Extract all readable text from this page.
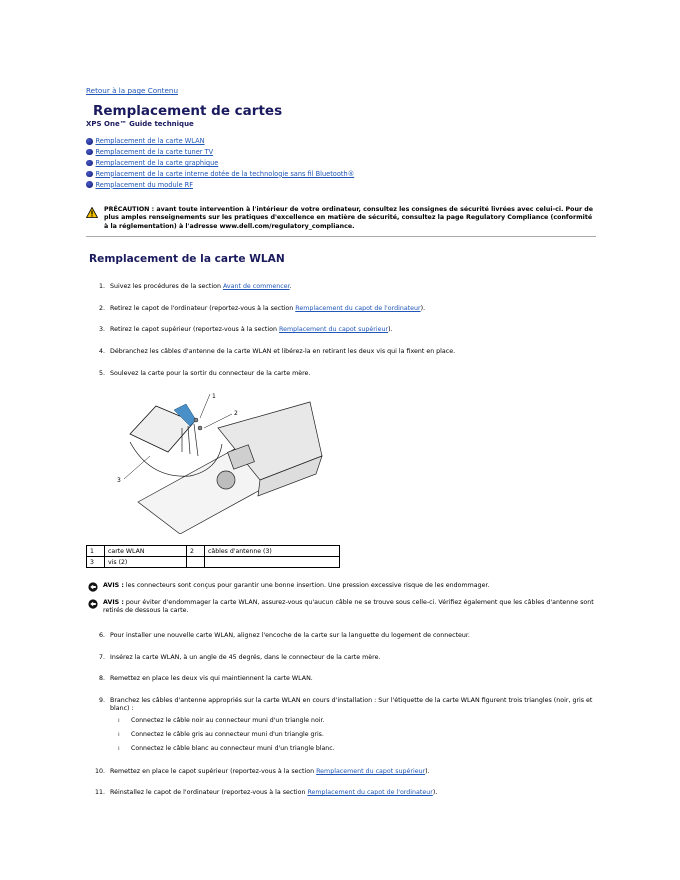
Retour à la page Contenu
Remplacement de cartes
XPS One™ Guide technique
Remplacement de la carte WLAN
Remplacement de la carte tuner TV
Remplacement de la carte graphique
Remplacement de la carte interne dotée de la technologie sans fil Bluetooth®
Remplacement du module RF
PRÉCAUTION : avant toute intervention à l'intérieur de votre ordinateur, consultez les consignes de sécurité livrées avec celui-ci. Pour de plus amples renseignements sur les pratiques d'excellence en matière de sécurité, consultez la page Regulatory Compliance (conformité à la réglementation) à l'adresse www.dell.com/regulatory_compliance.
Remplacement de la carte WLAN
1. Suivez les procédures de la section Avant de commencer.
2. Retirez le capot de l'ordinateur (reportez-vous à la section Remplacement du capot de l'ordinateur).
3. Retirez le capot supérieur (reportez-vous à la section Remplacement du capot supérieur).
4. Débranchez les câbles d'antenne de la carte WLAN et libérez-la en retirant les deux vis qui la fixent en place.
5. Soulevez la carte pour la sortir du connecteur de la carte mère.
1
2
3
1	carte WLAN	2	câbles d'antenne (3)
3	vis (2)		
AVIS : les connecteurs sont conçus pour garantir une bonne insertion. Une pression excessive risque de les endommager.
AVIS : pour éviter d'endommager la carte WLAN, assurez-vous qu'aucun câble ne se trouve sous celle-ci. Vérifiez également que les câbles d'antenne sont retirés de dessous la carte.
6. Pour installer une nouvelle carte WLAN, alignez l'encoche de la carte sur la languette du logement de connecteur.
7. Insérez la carte WLAN, à un angle de 45 degrés, dans le connecteur de la carte mère.
8. Remettez en place les deux vis qui maintiennent la carte WLAN.
9. Branchez les câbles d'antenne appropriés sur la carte WLAN en cours d'installation : Sur l'étiquette de la carte WLAN figurent trois triangles (noir, gris et blanc) :
ı	Connectez le câble noir au connecteur muni d'un triangle noir.
ı	Connectez le câble gris au connecteur muni d'un triangle gris.
ı	Connectez le câble blanc au connecteur muni d'un triangle blanc.
10. Remettez en place le capot supérieur (reportez-vous à la section Remplacement du capot supérieur).
11. Réinstallez le capot de l'ordinateur (reportez-vous à la section Remplacement du capot de l'ordinateur).
